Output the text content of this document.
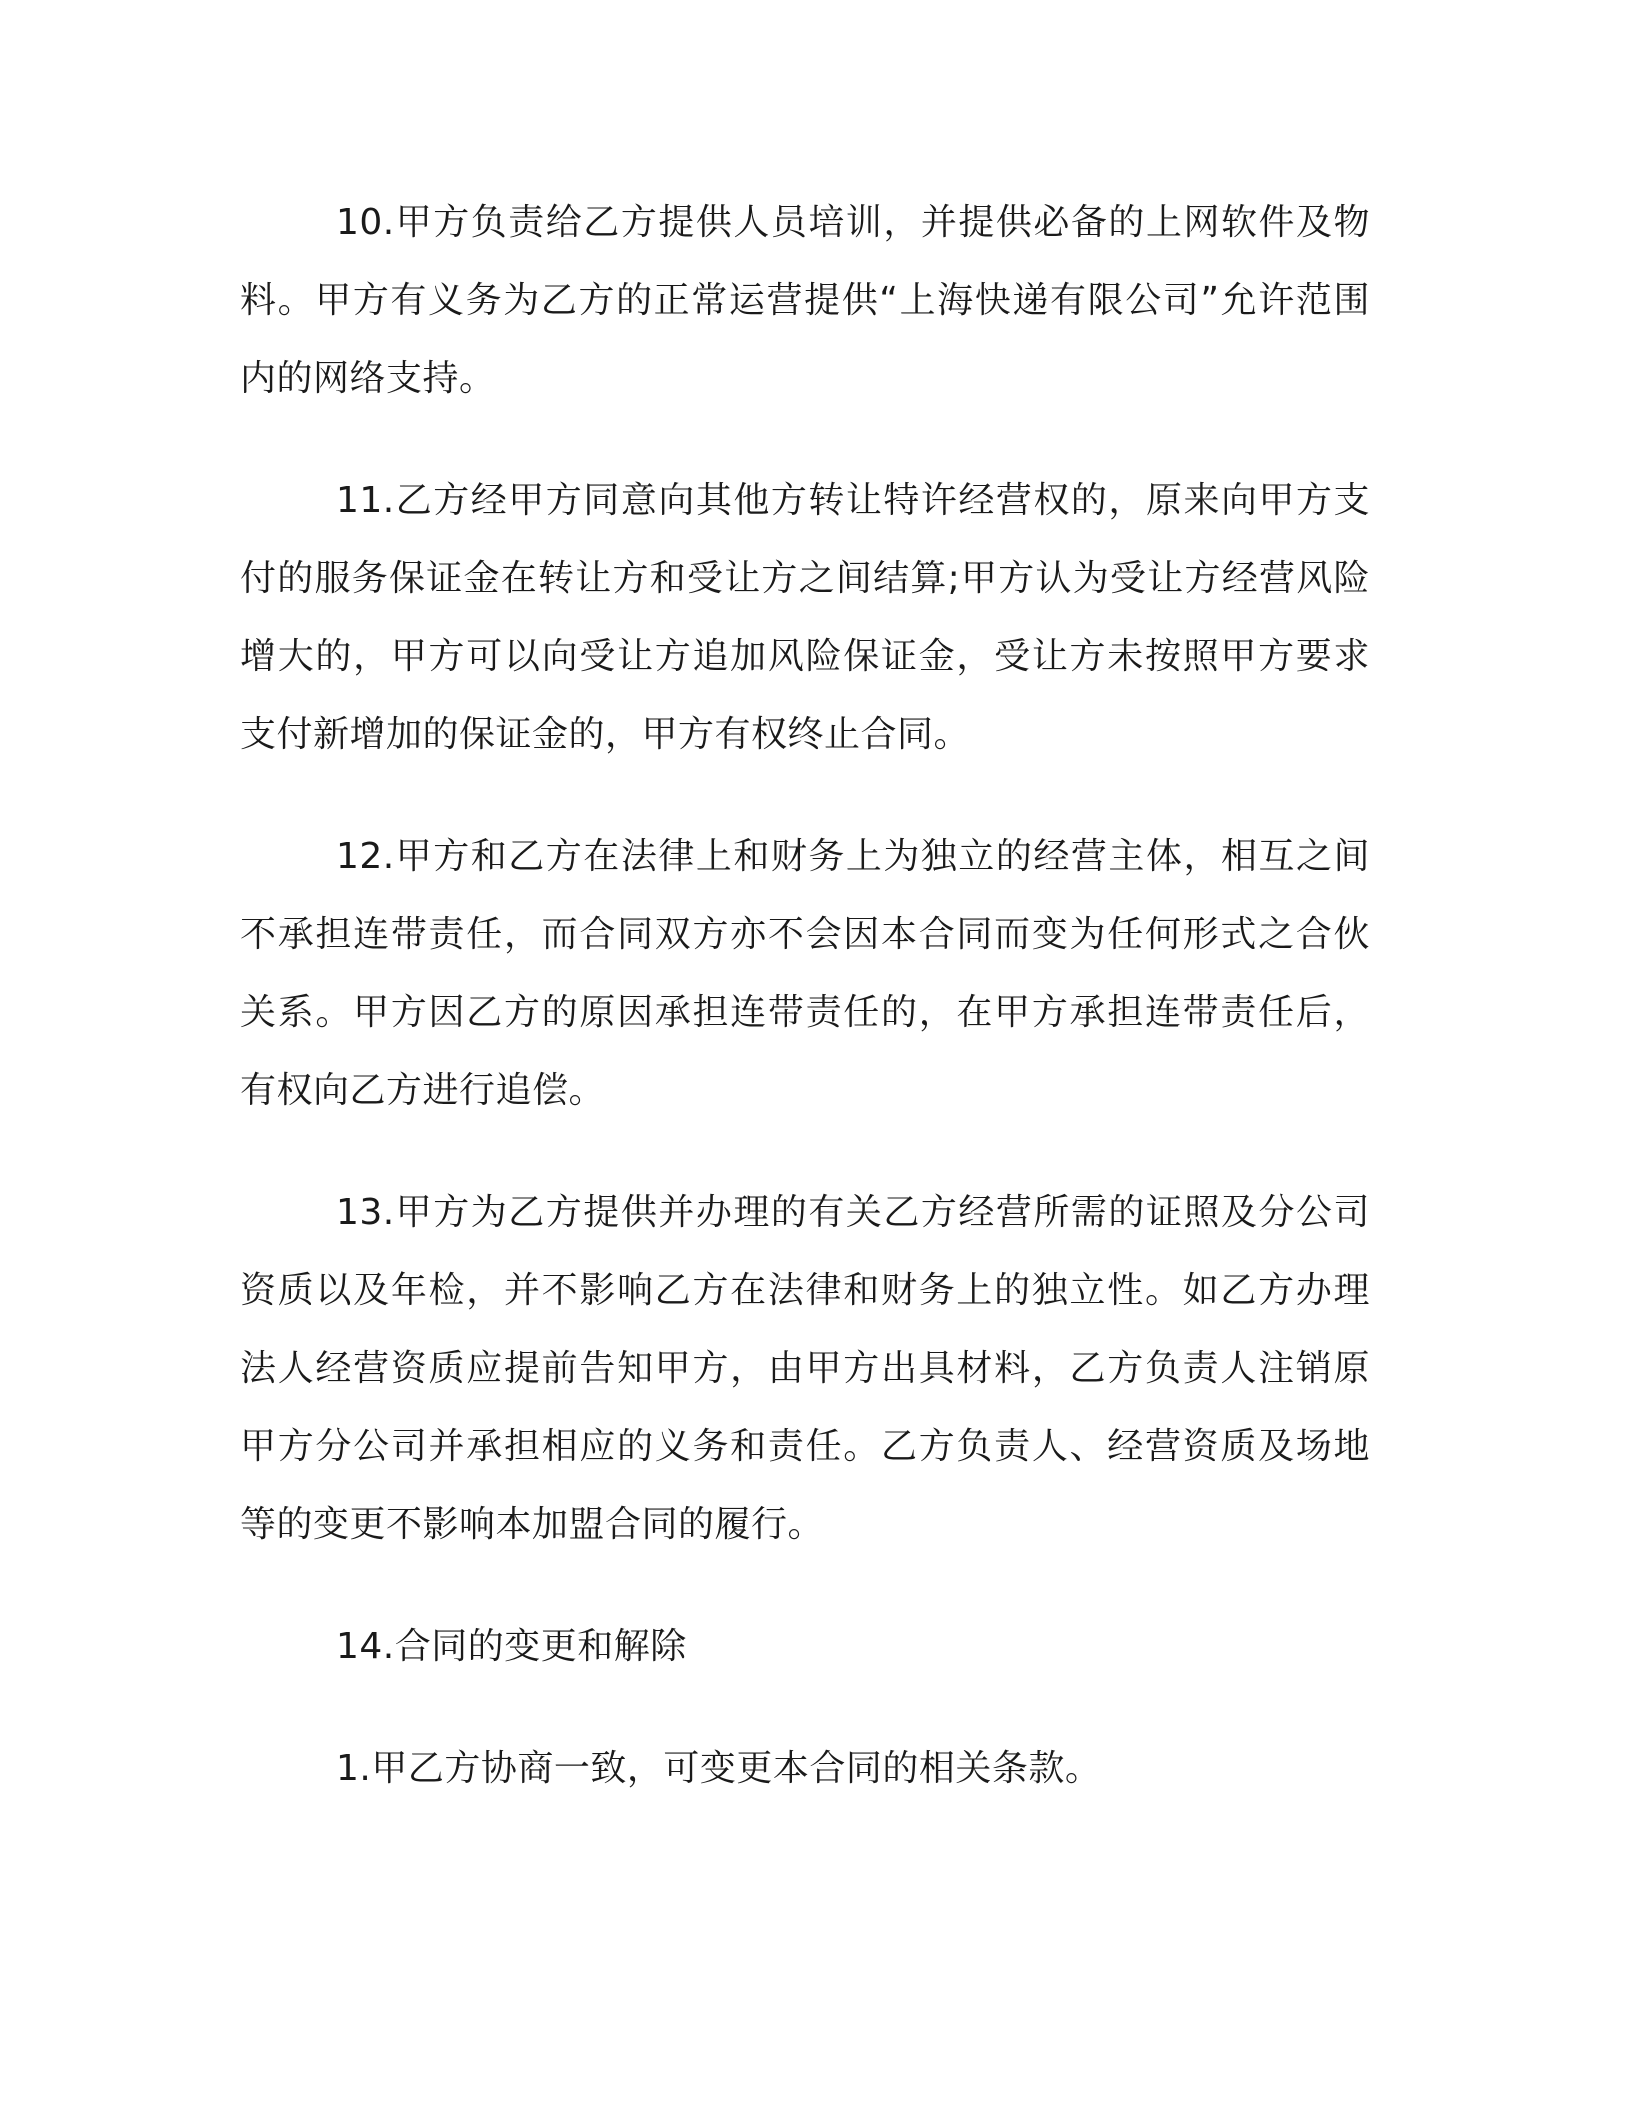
10.甲方负责给乙方提供人员培训，并提供必备的上网软件及物料。甲方有义务为乙方的正常运营提供“上海快递有限公司”允许范围内的网络支持。

11.乙方经甲方同意向其他方转让特许经营权的，原来向甲方支付的服务保证金在转让方和受让方之间结算;甲方认为受让方经营风险增大的，甲方可以向受让方追加风险保证金，受让方未按照甲方要求支付新增加的保证金的，甲方有权终止合同。

12.甲方和乙方在法律上和财务上为独立的经营主体，相互之间不承担连带责任，而合同双方亦不会因本合同而变为任何形式之合伙关系。甲方因乙方的原因承担连带责任的，在甲方承担连带责任后，有权向乙方进行追偿。

13.甲方为乙方提供并办理的有关乙方经营所需的证照及分公司资质以及年检，并不影响乙方在法律和财务上的独立性。如乙方办理法人经营资质应提前告知甲方，由甲方出具材料，乙方负责人注销原甲方分公司并承担相应的义务和责任。乙方负责人、经营资质及场地等的变更不影响本加盟合同的履行。

14.合同的变更和解除

1.甲乙方协商一致，可变更本合同的相关条款。
